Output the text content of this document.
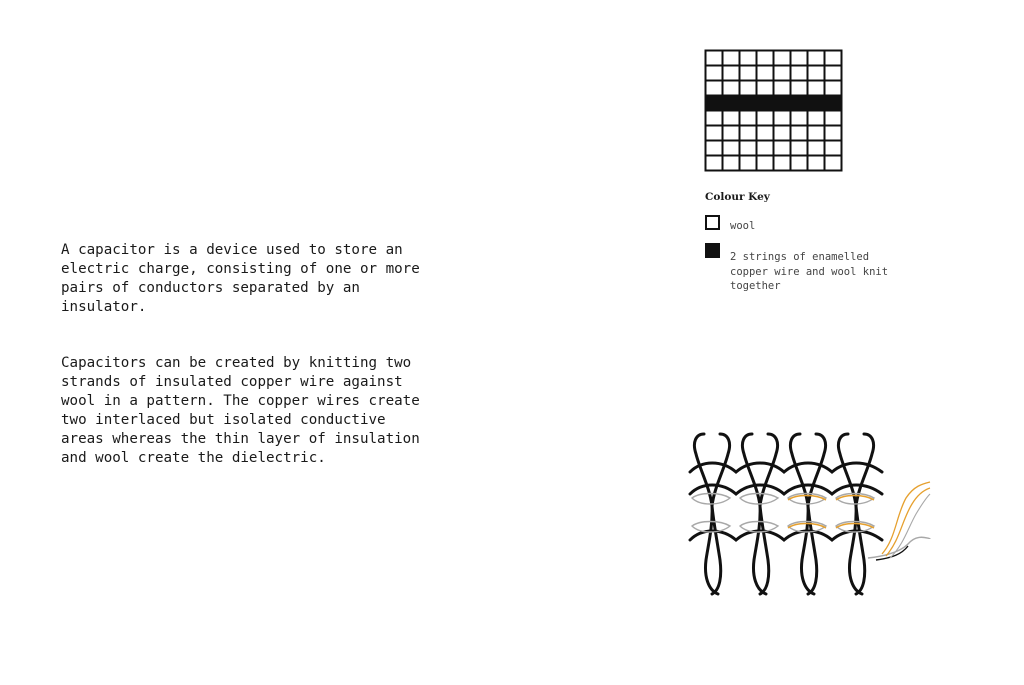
A capacitor is a device used to store an electric charge, consisting of one or more pairs of conductors separated by an insulator.

Capacitors can be created by knitting two strands of insulated copper wire against wool in a pattern. The copper wires create two interlaced but isolated conductive areas whereas the thin layer of insulation and wool create the dielectric.

Colour Key
wool
2 strings of enamelled copper wire and wool knit together
